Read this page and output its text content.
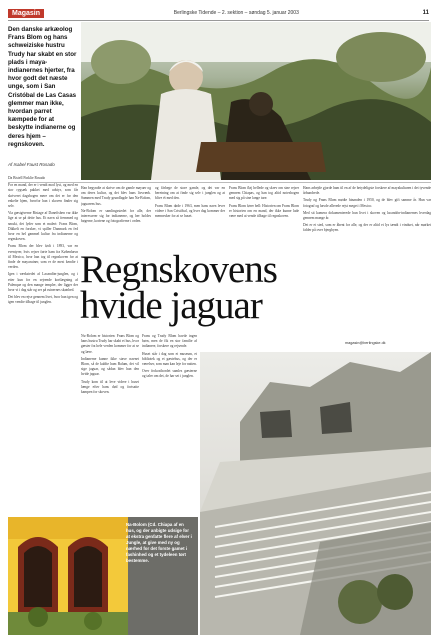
Magasin	Berlingske Tidende – 2. sektion – søndag 5. januar 2003	11
Den danske arkæolog Frans Blom og hans schweiziske hustru Trudy har skabt en stor plads i maya-indianernes hjerter, fra hvor godt det næste unge, som i San Cristóbal de Las Casas glemmer man ikke, hvordan parret kæmpede for at beskytte indianerne og deres hjem – regnskoven.
Af Isabel Faust Rosado

Da Bistell Finklie Rosado

For en mand, der er i vendt mod lyst, og med en stor rygsæk pakket med udstyr, som får skriveret dagsbogen mere om det er for den enkelte hjem, hvorfor han i skoven finder sig selv.

Via gæstgiverne Bistage af Danefisben var ikke lige at se på dette hus. Et navn så fremmed og smukt, det lyder som et maleri: Frans Blom, Dikkelt en forsker, vi spiller Danmark en fed hvor en hel gammel kultur fra indianerne og regnskoven.

Frans Blom der blev født i 1893, var en eventyrer, hvis rejser førte ham fra København til Mexico, hvor han tog til regnskoven for at finde de mayaruiner, som er de mest kendte i verden.

Igen i værkstedet af Lacandón-junglen, og i etter kun for en sejrende kortlægning af Palenque og den mange templer, der ligger der hvor vi i dag står og ser på ruinernes skønhed.

Det blev en rejse gennem livet, hvor han igen og igen vendte tilbage til junglen.

Han begyndte at skrive om de gamle mayaer og om deres kultur, og det blev hans livsværk. Sammen med Trudy grundlagde han Na-Bolom, jaguarens hus.

Na-Bolom er samlingsstedet for alle, der interesserer sig for indianerne, og her holdes bøgerne, kortene og fotografierne i orden.

og fårhege de store gamle, og det var en beretning om at finde sig selv i junglen og at blive ét med den.

Frans Blom døde i 1963, men hans navn lever videre i San Cristóbal, og hver dag kommer der mennesker for at se huset.

Frans Blom fløj hellede og skrev om sine rejser gennem Chiapas, og han tog altid notesbogen med sig på sine lange ture.

Frans Blom fører bell: Historien om Frans Blom er historien om en mand, der ikke kunne lade være med at vende tilbage til regnskoven.

Hans arbejde gjorde ham til en af de betydeligste forskere af mayakulturen i det tyvende århundrede.

Trudy og Frans Blom mødte hinanden i 1950, og de blev gift samme år. Hun var fotograf og havde allerede rejst meget i Mexico.

Med sit kamera dokumenterede hun livet i skoven og lacandón-indianernes hverdag gennem mange år.

Det er et sted, som er åbent for alle, og der er altid et lys tændt i vinduet, når mørket falder på over bjergbyen.

magasin@berlingske.dk
Regnskovens hvide jaguar

Nu-Bolom er historien: Frans Blom og hans hustru Trudy har skabt et hus, hvor gæster fra hele verden kommer for at se og lære.

Indianerne kunne ikke stave navnet Blom, så de kaldte ham Balum, det vil sige jaguar, og sådan blev han den hvide jaguar.

Trudy kom til at leve videre i huset længe efter hans død og fortsatte kampen for skoven.

Frans og Trudy Blom havde ingen børn, men de fik en stor familie af indianere, forskere og rejsende.

Huset står i dag som et museum, et bibliotek og et gæstehus, og der er værelser, som man kan leje for natten.

Over frokostbordet samles gæsterne og taler om det, de har set i junglen.

Na-Bolom (Cd. Chiapa af en hus, og der anbigte udsige for at ekstra genfatte flere af elver i Jungle, at give med ny og nærhed for det forste gamet i fashinhed og et tydeleen tørt bestemme.
